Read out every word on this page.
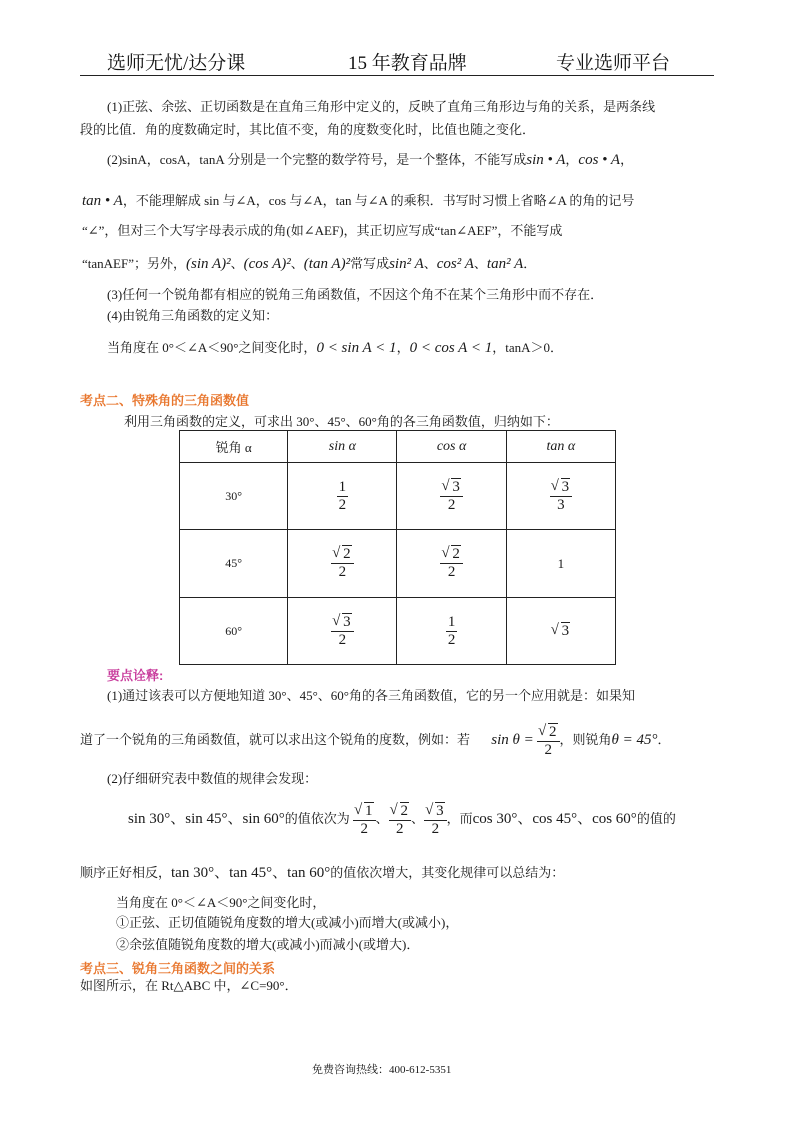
选师无忧/达分课	15 年教育品牌	专业选师平台
(1)正弦、余弦、正切函数是在直角三角形中定义的，反映了直角三角形边与角的关系，是两条线
段的比值．角的度数确定时，其比值不变，角的度数变化时，比值也随之变化．
(2)sinA，cosA，tanA 分别是一个完整的数学符号，是一个整体，不能写成sin • A，cos • A，
tan • A，不能理解成 sin 与∠A，cos 与∠A，tan 与∠A 的乘积．书写时习惯上省略∠A 的角的记号
“∠”，但对三个大写字母表示成的角(如∠AEF)，其正切应写成“tan∠AEF”，不能写成
“tanAEF”；另外，(sin A)²、(cos A)²、(tan A)²常写成sin² A、cos² A、tan² A．
(3)任何一个锐角都有相应的锐角三角函数值，不因这个角不在某个三角形中而不存在．
(4)由锐角三角函数的定义知：
当角度在 0°＜∠A＜90°之间变化时，0 < sin A < 1，0 < cos A < 1，tanA＞0．
考点二、特殊角的三角函数值
利用三角函数的定义，可求出 30°、45°、60°角的各三角函数值，归纳如下：
锐角 α	sin α	cos α	tan α
30°	$\frac{1}{2}$	√ $\frac{3}{2}$	√ $\frac{3}{3}$

45°	√ $\frac{2}{2}$	√ $\frac{2}{2}$	1
60°	√ $\frac{3}{2}$	$\frac{1}{2}$	√ 3
要点诠释:
(1)通过该表可以方便地知道 30°、45°、60°角的各三角函数值，它的另一个应用就是：如果知
道了一个锐角的三角函数值，就可以求出这个锐角的度数，例如：若 sin θ = √ $\frac{2}{2}$ ，则锐角θ = 45°．
(2)仔细研究表中数值的规律会发现：
sin 30°、sin 45°、sin 60°的值依次为 √ $\frac{1}{2}$ 、 √ $\frac{2}{2}$ 、 √ $\frac{3}{2}$ ，而cos 30°、cos 45°、cos 60°的值的
顺序正好相反，tan 30°、tan 45°、tan 60°的值依次增大，其变化规律可以总结为：
当角度在 0°＜∠A＜90°之间变化时，
①正弦、正切值随锐角度数的增大(或减小)而增大(或减小)，
②余弦值随锐角度数的增大(或减小)而减小(或增大)．
考点三、锐角三角函数之间的关系
如图所示，在 Rt△ABC 中，∠C=90°．
免费咨询热线：400-612-5351
